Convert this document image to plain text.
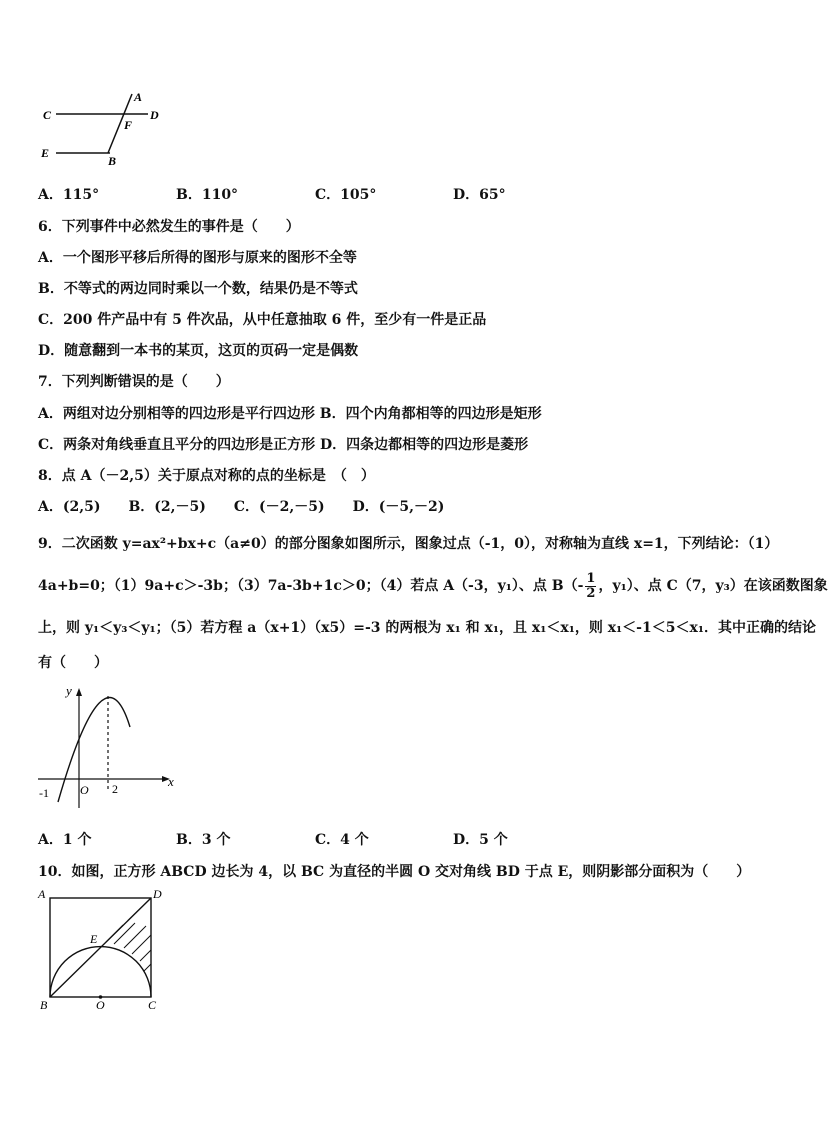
A
C	D
F
E
B
A．115°	B．110°	C．105°	D．65°
6．下列事件中必然发生的事件是（　　）
A．一个图形平移后所得的图形与原来的图形不全等
B．不等式的两边同时乘以一个数，结果仍是不等式
C．200 件产品中有 5 件次品，从中任意抽取 6 件，至少有一件是正品
D．随意翻到一本书的某页，这页的页码一定是偶数
7．下列判断错误的是（　　）
A．两组对边分别相等的四边形是平行四边形 B．四个内角都相等的四边形是矩形
C．两条对角线垂直且平分的四边形是正方形 D．四条边都相等的四边形是菱形
8．点 A（－2,5）关于原点对称的点的坐标是　（　）
A．(2,5)　　B．(2,－5)　　C．(－2,－5)　　D．(－5,－2)
9．二次函数 y=ax²+bx+c（a≠0）的部分图象如图所示，图象过点（-1，0），对称轴为直线 x=1，下列结论：（1）
4a+b=0；（1）9a+c＞-3b；（3）7a-3b+1c＞0；（4）若点 A（-3，y₁）、点 $B(- \frac{1}{2}$ ，y₁）、点 C（7，y₃）在该函数图象
上，则 y₁＜y₃＜y₁；（5）若方程 a（x+1）（x5）=-3 的两根为 x₁ 和 x₁，且 x₁＜x₁，则 x₁＜-1＜5＜x₁．其中正确的结论
有（　　）
y
x
O
-1	2
A．1 个	B．3 个	C．4 个	D．5 个
10．如图，正方形 ABCD 边长为 4，以 BC 为直径的半圆 O 交对角线 BD 于点 E，则阴影部分面积为（　　）
A	D
E
B	O	C
